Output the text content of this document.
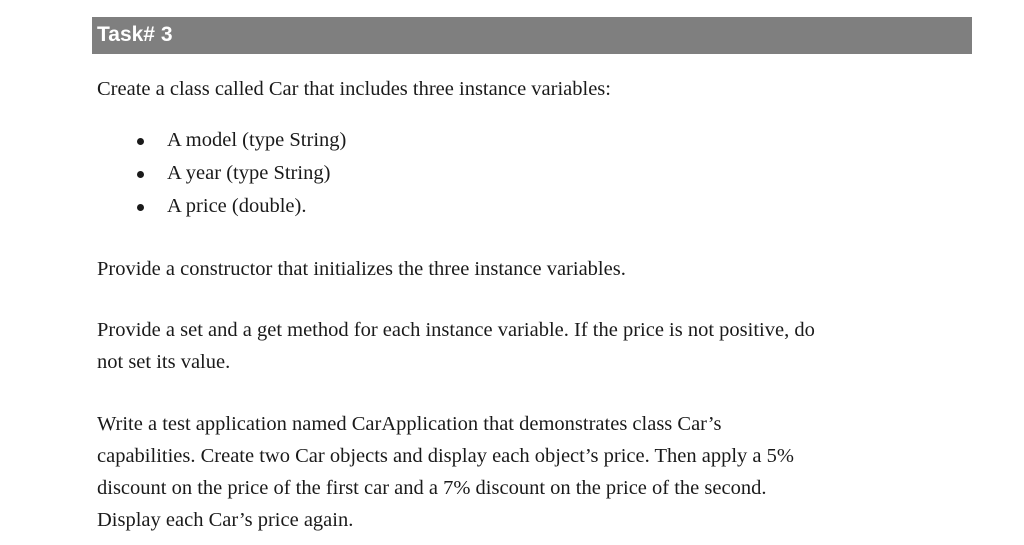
Task# 3

Create a class called Car that includes three instance variables:

A model (type String)
A year (type String)
A price (double).

Provide a constructor that initializes the three instance variables.

Provide a set and a get method for each instance variable. If the price is not positive, do
not set its value.
Write a test application named CarApplication that demonstrates class Car’s
capabilities. Create two Car objects and display each object’s price. Then apply a 5%
discount on the price of the first car and a 7% discount on the price of the second.
Display each Car’s price again.
